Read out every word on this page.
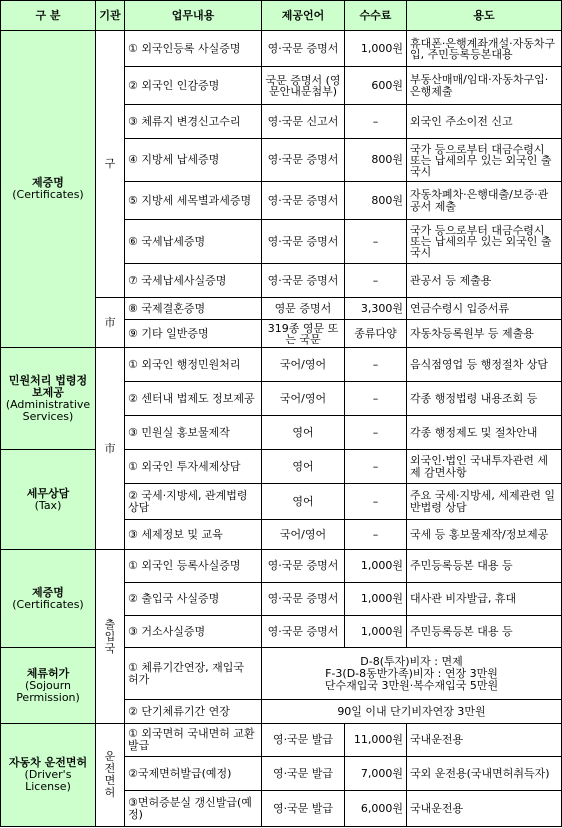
구 분	기관	업무내용	제공언어	수수료	용도

제증명
(Certificates)	구	① 외국인등록 사실증명	영·국문 증명서	1,000원	휴대폰·은행계좌개설·자동차구입, 주민등록등본대용
		② 외국인 인감증명	국문 증명서 (영문안내문첨부)	600원	부동산매매/임대·자동차구입·은행제출
		③ 체류지 변경신고수리	영·국문 신고서	–	외국인 주소이전 신고
		④ 지방세 납세증명	영·국문 증명서	800원	국가 등으로부터 대금수령시 또는 납세의무 있는 외국인 출국시
		⑤ 지방세 세목별과세증명	영·국문 증명서	800원	자동차폐차·은행대출/보증·관공서 제출
		⑥ 국세납세증명	영·국문 증명서	–	국가 등으로부터 대금수령시 또는 납세의무 있는 외국인 출국시
		⑦ 국세납세사실증명	영·국문 증명서	–	관공서 등 제출용

	市	⑧ 국제결혼증명	영문 증명서	3,300원	연금수령시 입증서류
		⑨ 기타 일반증명	319종 영문 또는 국문	종류다양	자동차등록원부 등 제출용

민원처리 법령정보제공
(Administrative Services)	市	① 외국인 행정민원처리	국어/영어	–	음식점영업 등 행정절차 상담
		② 센터내 법제도 정보제공	국어/영어	–	각종 행정법령 내용조회 등
		③ 민원실 홍보물제작	영어	–	각종 행정제도 및 절차안내

세무상담
(Tax)		① 외국인 투자세제상담	영어	–	외국인·법인 국내투자관련 세제 감면사항
		② 국세·지방세, 관계법령 상담	영어	–	주요 국세·지방세, 세제관련 일반법령 상담
		③ 세제정보 및 교육	국어/영어	–	국세 등 홍보물제작/정보제공

제증명
(Certificates)	출
입
국	① 외국인 등록사실증명	영·국문 증명서	1,000원	주민등록등본 대용 등
		② 출입국 사실증명	영·국문 증명서	1,000원	대사관 비자발급, 휴대
		③ 거소사실증명	영·국문 증명서	1,000원	주민등록등본 대용 등

체류허가
(Sojourn Permission)		① 체류기간연장, 재입국 허가	D-8(투자)비자 : 면제
F-3(D-8동반가족)비자 : 연장 3만원
단수재입국 3만원·복수재입국 5만원		

		② 단기체류기간 연장	90일 이내 단기비자연장 3만원		

자동차 운전면허
(Driver's License)	운
전
면
허	① 외국면허 국내면허 교환발급	영·국문 발급	11,000원	국내운전용
		②국제면허발급(예정)	영·국문 발급	7,000원	국외 운전용(국내면허취득자)
		③면허증분실 갱신발급(예정)	영·국문 발급	6,000원	국내운전용
